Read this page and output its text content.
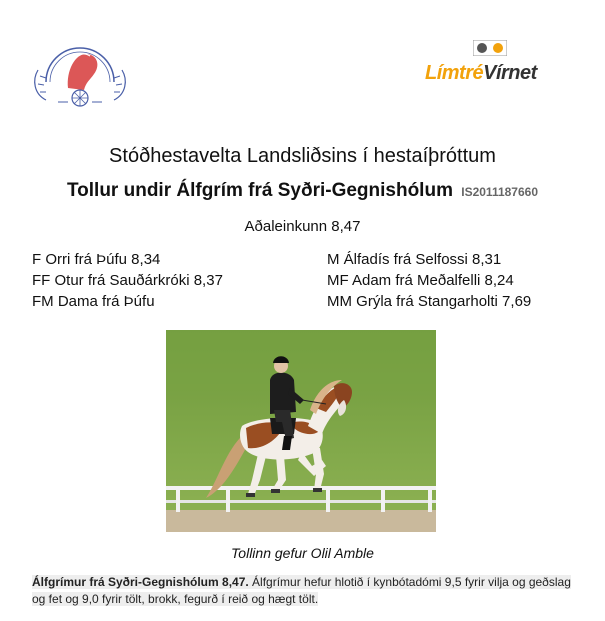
LímtréVírnet
Stóðhestavelta Landsliðsins í hestaíþróttum
Tollur undir Álfgrím frá Syðri-Gegnishólum IS2011187660
Aðaleinkunn 8,47
F Orri frá Þúfu 8,34
FF Otur frá Sauðárkróki 8,37
FM Dama frá Þúfu
M Álfadís frá Selfossi 8,31
MF Adam frá Meðalfelli 8,24
MM Grýla frá Stangarholti 7,69
Tollinn gefur Olil Amble
Álfgrímur frá Syðri-Gegnishólum 8,47. Álfgrímur hefur hlotið í kynbótadómi 9,5 fyrir vilja og geðslag og fet og 9,0 fyrir tölt, brokk, fegurð í reið og hægt tölt.
